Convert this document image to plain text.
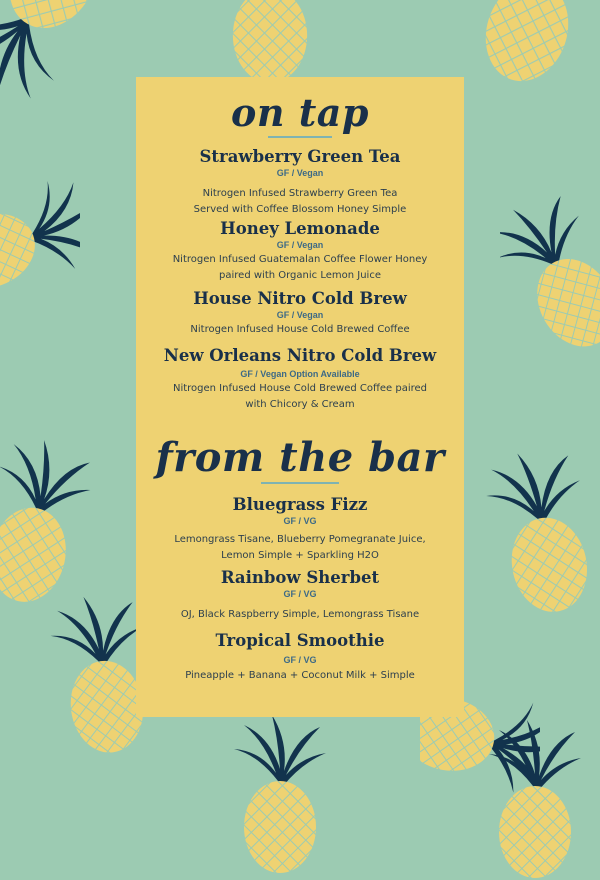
on tap

Strawberry Green Tea

GF / Vegan

Nitrogen Infused Strawberry Green Tea
Served with Coffee Blossom Honey Simple

Honey Lemonade

GF / Vegan

Nitrogen Infused Guatemalan Coffee Flower Honey
paired with Organic Lemon Juice

House Nitro Cold Brew

GF / Vegan

Nitrogen Infused House Cold Brewed Coffee

New Orleans Nitro Cold Brew

GF / Vegan Option Available

Nitrogen Infused House Cold Brewed Coffee paired
with Chicory & Cream

from the bar

Bluegrass Fizz

GF / VG

Lemongrass Tisane, Blueberry Pomegranate Juice,
Lemon Simple + Sparkling H2O

Rainbow Sherbet

GF / VG

OJ, Black Raspberry Simple, Lemongrass Tisane

Tropical Smoothie

GF / VG

Pineapple + Banana + Coconut Milk + Simple
